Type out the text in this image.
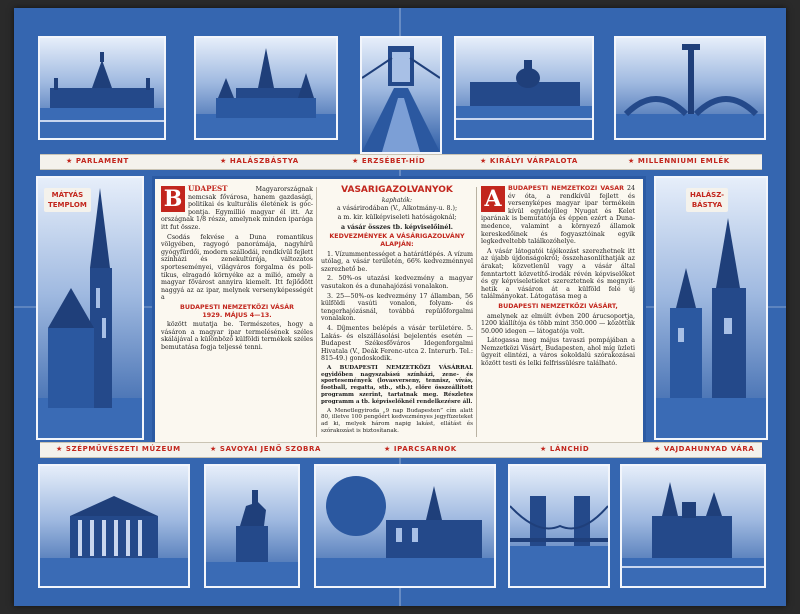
★ PARLAMENT	★ HALÁSZBÁSTYA	★ ERZSÉBET-HÍD	★ KIRÁLYI VÁRPALOTA	★ MILLENNIUMI EMLÉK
MÁTYÁS
TEMPLOM
HALÁSZ-
BÁSTYA

B UDAPEST	Magyarországnak nemcsak fővárosa, hanem gazdasági, politikai és kulturális életének is gócpontja. Egymillió magyar él itt. Az országnak 1/8 része, amelynek minden iparága itt fut össze.

Csodás fekvése a Duna romantikus völgyében, ragyogó panorámája, nagyhírű gyógyfürdői, modern szállodái, rendkívül fejlett színházi és zenekultúrája, változatos sporteseményei, világváros forgalma és politikus, elragadó környéke az a milió, amely a magyar fővárost annyira kiemelt. Itt fejlődött naggyá az az ipar, melynek versenyképességét a

BUDAPESTI NEMZETKÖZI VÁSÁR
1929. MÁJUS 4—13.

között mutatja be. Természetes, hogy a vásáron a magyar ipar termelésének széles skálájával a különböző külföldi termékek széles bemutatása fogja teljessé tenni.

VÁSÁRIGAZOLVÁNYOK
kaphatók:

a vásárirodában (V., Alkotmány-u. 8.);

a m. kir. külképviseleti hatóságoknál;

a vásár összes tb. képviselőinél.

KEDVEZMÉNYEK A VÁSÁRIGAZOLVÁNY ALAPJÁN:

1. Vízummentességet a határátlépés. A vízum utólag, a vásár területén, 66% kedvezménnyel szerezhető be.

2. 50%-os utazási kedvezmény a magyar vasutakon és a dunahajózási vonalakon.

3. 25—50%-os kedvezmény 17 államban, 56 külföldi vasúti vonalon, folyam- és tengerhajózásnál, továbbá repülőforgalmi vonalakon.

4. Díjmentes belépés a vásár területére. 5. Lakás- és elszállásolási bejelentés esetén — Budapest Székesfőváros Idegenforgalmi Hivatala (V., Deák Ferenc-utca 2. Interurb. Tel.: 815-49.) gondoskodik.

A BUDAPESTI NEMZETKÖZI VÁSÁRRAL egyidőben nagyszabású színházi, zene- és sportesemények (lovasverseny, tennisz, vívás, football, regatta, stb., stb.), előre összeállított programm szerint, tartatnak meg. Részletes programm a tb. képviselőknél rendelkezésre áll.

A Menetlegyiroda „9 nap Budapesten” cím alatt 80, illetve 100 pengőért kedvezményes jegyfüzeteket ad ki, melyek három napig lakást, ellátást és szórakozást is biztosítanak.

A	BUDAPESTI NEMZETKÖZI VÁSÁR 24 év óta, a rendkívül fejlett és versenyképes magyar ipar termékein kívül egyidejűleg Nyugat és Kelet iparának is bemutatója és éppen ezért a Duna-medence, valamint a környező államok kereskedőinek és fogyasztóinak egyik legkedveltebb találkozóhelye.

A vásár látogatói tájékozást szerezhetnek itt az újabb újdonságokról; összehasonlíthatják az árakat; közvetlenül vagy a vásár által fenntartott közvetítő-irodák révén képviselőket és gy képviseletieket szereztetnek és megnyithetik a vásáron át a külföld felé új találmányokat. Látogatása meg a

BUDAPESTI NEMZETKÖZI VÁSÁRT,

amelynek az elmúlt évben 200 árucsoportja, 1200 kiállítója és több mint 350.000 — közöttük 50.000 idegen — látogatója volt.

Látogassa meg május tavaszi pompájában a Nemzetközi Vásárt, Budapesten, ahol míg üzleti ügyeit elintézi, a város sokoldalú szórakozásai között testi és lelki felfrissülésre található.

★ SZÉPMŰVÉSZETI MÚZEUM	★ SAVOYAI JENŐ SZOBRA	★ IPARCSARNOK	★ LÁNCHÍD	★ VAJDAHUNYAD VÁRA
